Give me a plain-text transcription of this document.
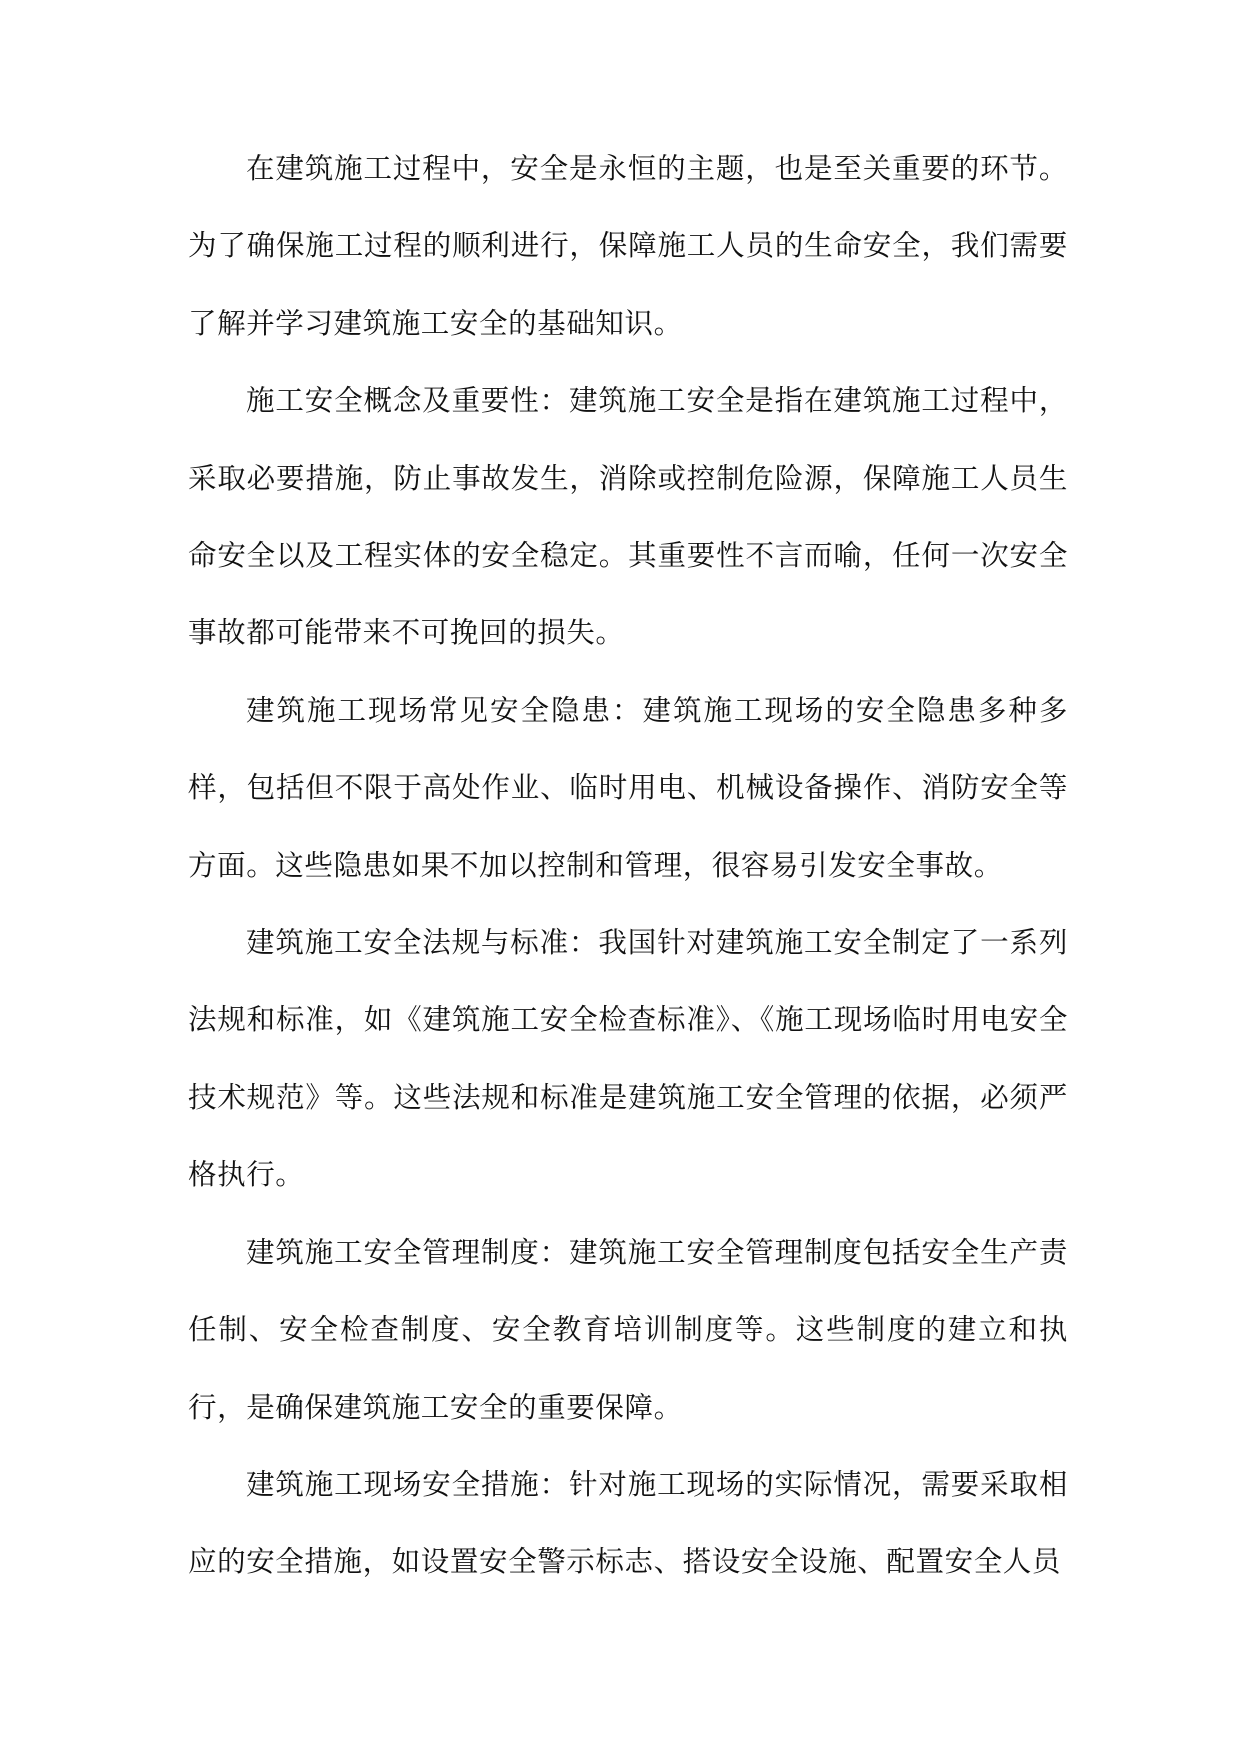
在建筑施工过程中，安全是永恒的主题，也是至关重要的环节。为了确保施工过程的顺利进行，保障施工人员的生命安全，我们需要了解并学习建筑施工安全的基础知识。

施工安全概念及重要性：建筑施工安全是指在建筑施工过程中，采取必要措施，防止事故发生，消除或控制危险源，保障施工人员生命安全以及工程实体的安全稳定。其重要性不言而喻，任何一次安全事故都可能带来不可挽回的损失。

建筑施工现场常见安全隐患：建筑施工现场的安全隐患多种多样，包括但不限于高处作业、临时用电、机械设备操作、消防安全等方面。这些隐患如果不加以控制和管理，很容易引发安全事故。

建筑施工安全法规与标准：我国针对建筑施工安全制定了一系列法规和标准，如《建筑施工安全检查标准》、《施工现场临时用电安全技术规范》等。这些法规和标准是建筑施工安全管理的依据，必须严格执行。

建筑施工安全管理制度：建筑施工安全管理制度包括安全生产责任制、安全检查制度、安全教育培训制度等。这些制度的建立和执行，是确保建筑施工安全的重要保障。

建筑施工现场安全措施：针对施工现场的实际情况，需要采取相应的安全措施，如设置安全警示标志、搭设安全设施、配置安全人员
